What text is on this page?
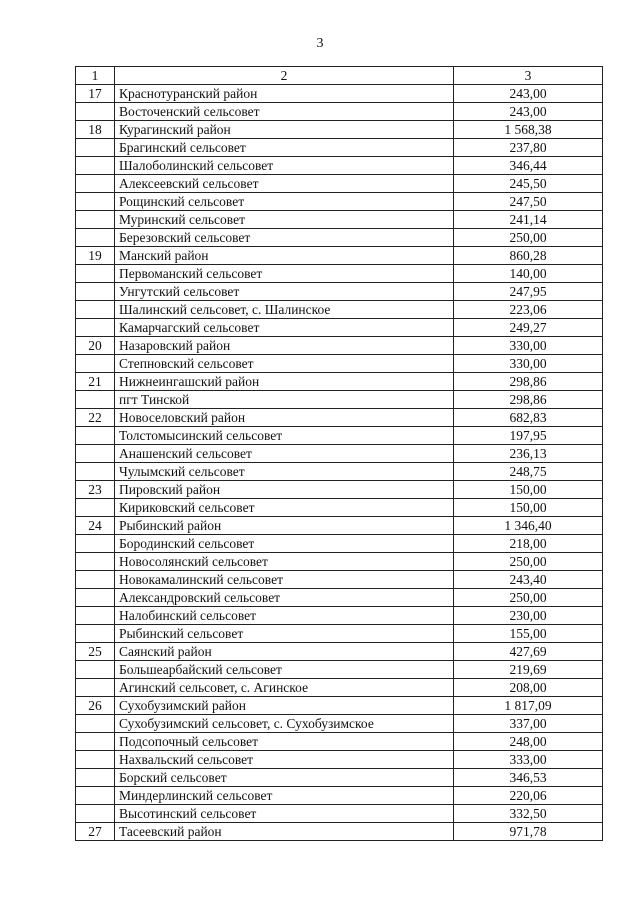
3
1	2	3
17	Краснотуранский район	243,00
	Восточенский сельсовет	243,00
18	Курагинский район	1 568,38
	Брагинский сельсовет	237,80
	Шалоболинский сельсовет	346,44
	Алексеевский сельсовет	245,50
	Рощинский сельсовет	247,50
	Муринский сельсовет	241,14
	Березовский сельсовет	250,00
19	Манский район	860,28
	Первоманский сельсовет	140,00
	Унгутский сельсовет	247,95
	Шалинский сельсовет, с. Шалинское	223,06
	Камарчагский сельсовет	249,27
20	Назаровский район	330,00
	Степновский сельсовет	330,00
21	Нижнеингашский район	298,86
	пгт Тинской	298,86
22	Новоселовский район	682,83
	Толстомысинский сельсовет	197,95
	Анашенский сельсовет	236,13
	Чулымский сельсовет	248,75
23	Пировский район	150,00
	Кириковский сельсовет	150,00
24	Рыбинский район	1 346,40
	Бородинский сельсовет	218,00
	Новосолянский сельсовет	250,00
	Новокамалинский сельсовет	243,40
	Александровский сельсовет	250,00
	Налобинский сельсовет	230,00
	Рыбинский сельсовет	155,00
25	Саянский район	427,69
	Большеарбайский сельсовет	219,69
	Агинский сельсовет, с. Агинское	208,00
26	Сухобузимский район	1 817,09
	Сухобузимский сельсовет, с. Сухобузимское	337,00
	Подсопочный сельсовет	248,00
	Нахвальский сельсовет	333,00
	Борский сельсовет	346,53
	Миндерлинский сельсовет	220,06
	Высотинский сельсовет	332,50
27	Тасеевский район	971,78
